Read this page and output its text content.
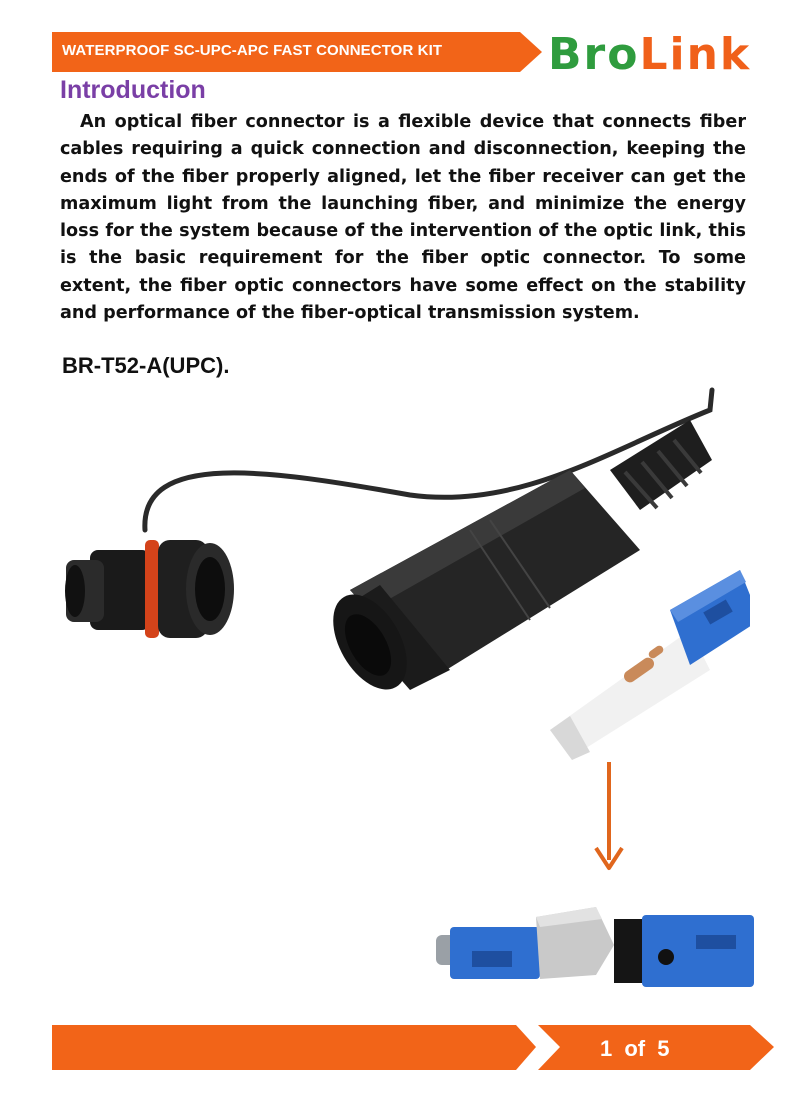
WATERPROOF SC-UPC-APC FAST CONNECTOR KIT BroLink
Introduction
An optical fiber connector is a flexible device that connects fiber cables requiring a quick connection and disconnection, keeping the ends of the fiber properly aligned, let the fiber receiver can get the maximum light from the launching fiber, and minimize the energy loss for the system because of the intervention of the optic link, this is the basic requirement for the fiber optic connector. To some extent, the fiber optic connectors have some effect on the stability and performance of the fiber-optical transmission system.
BR-T52-A(UPC).
1 of 5
